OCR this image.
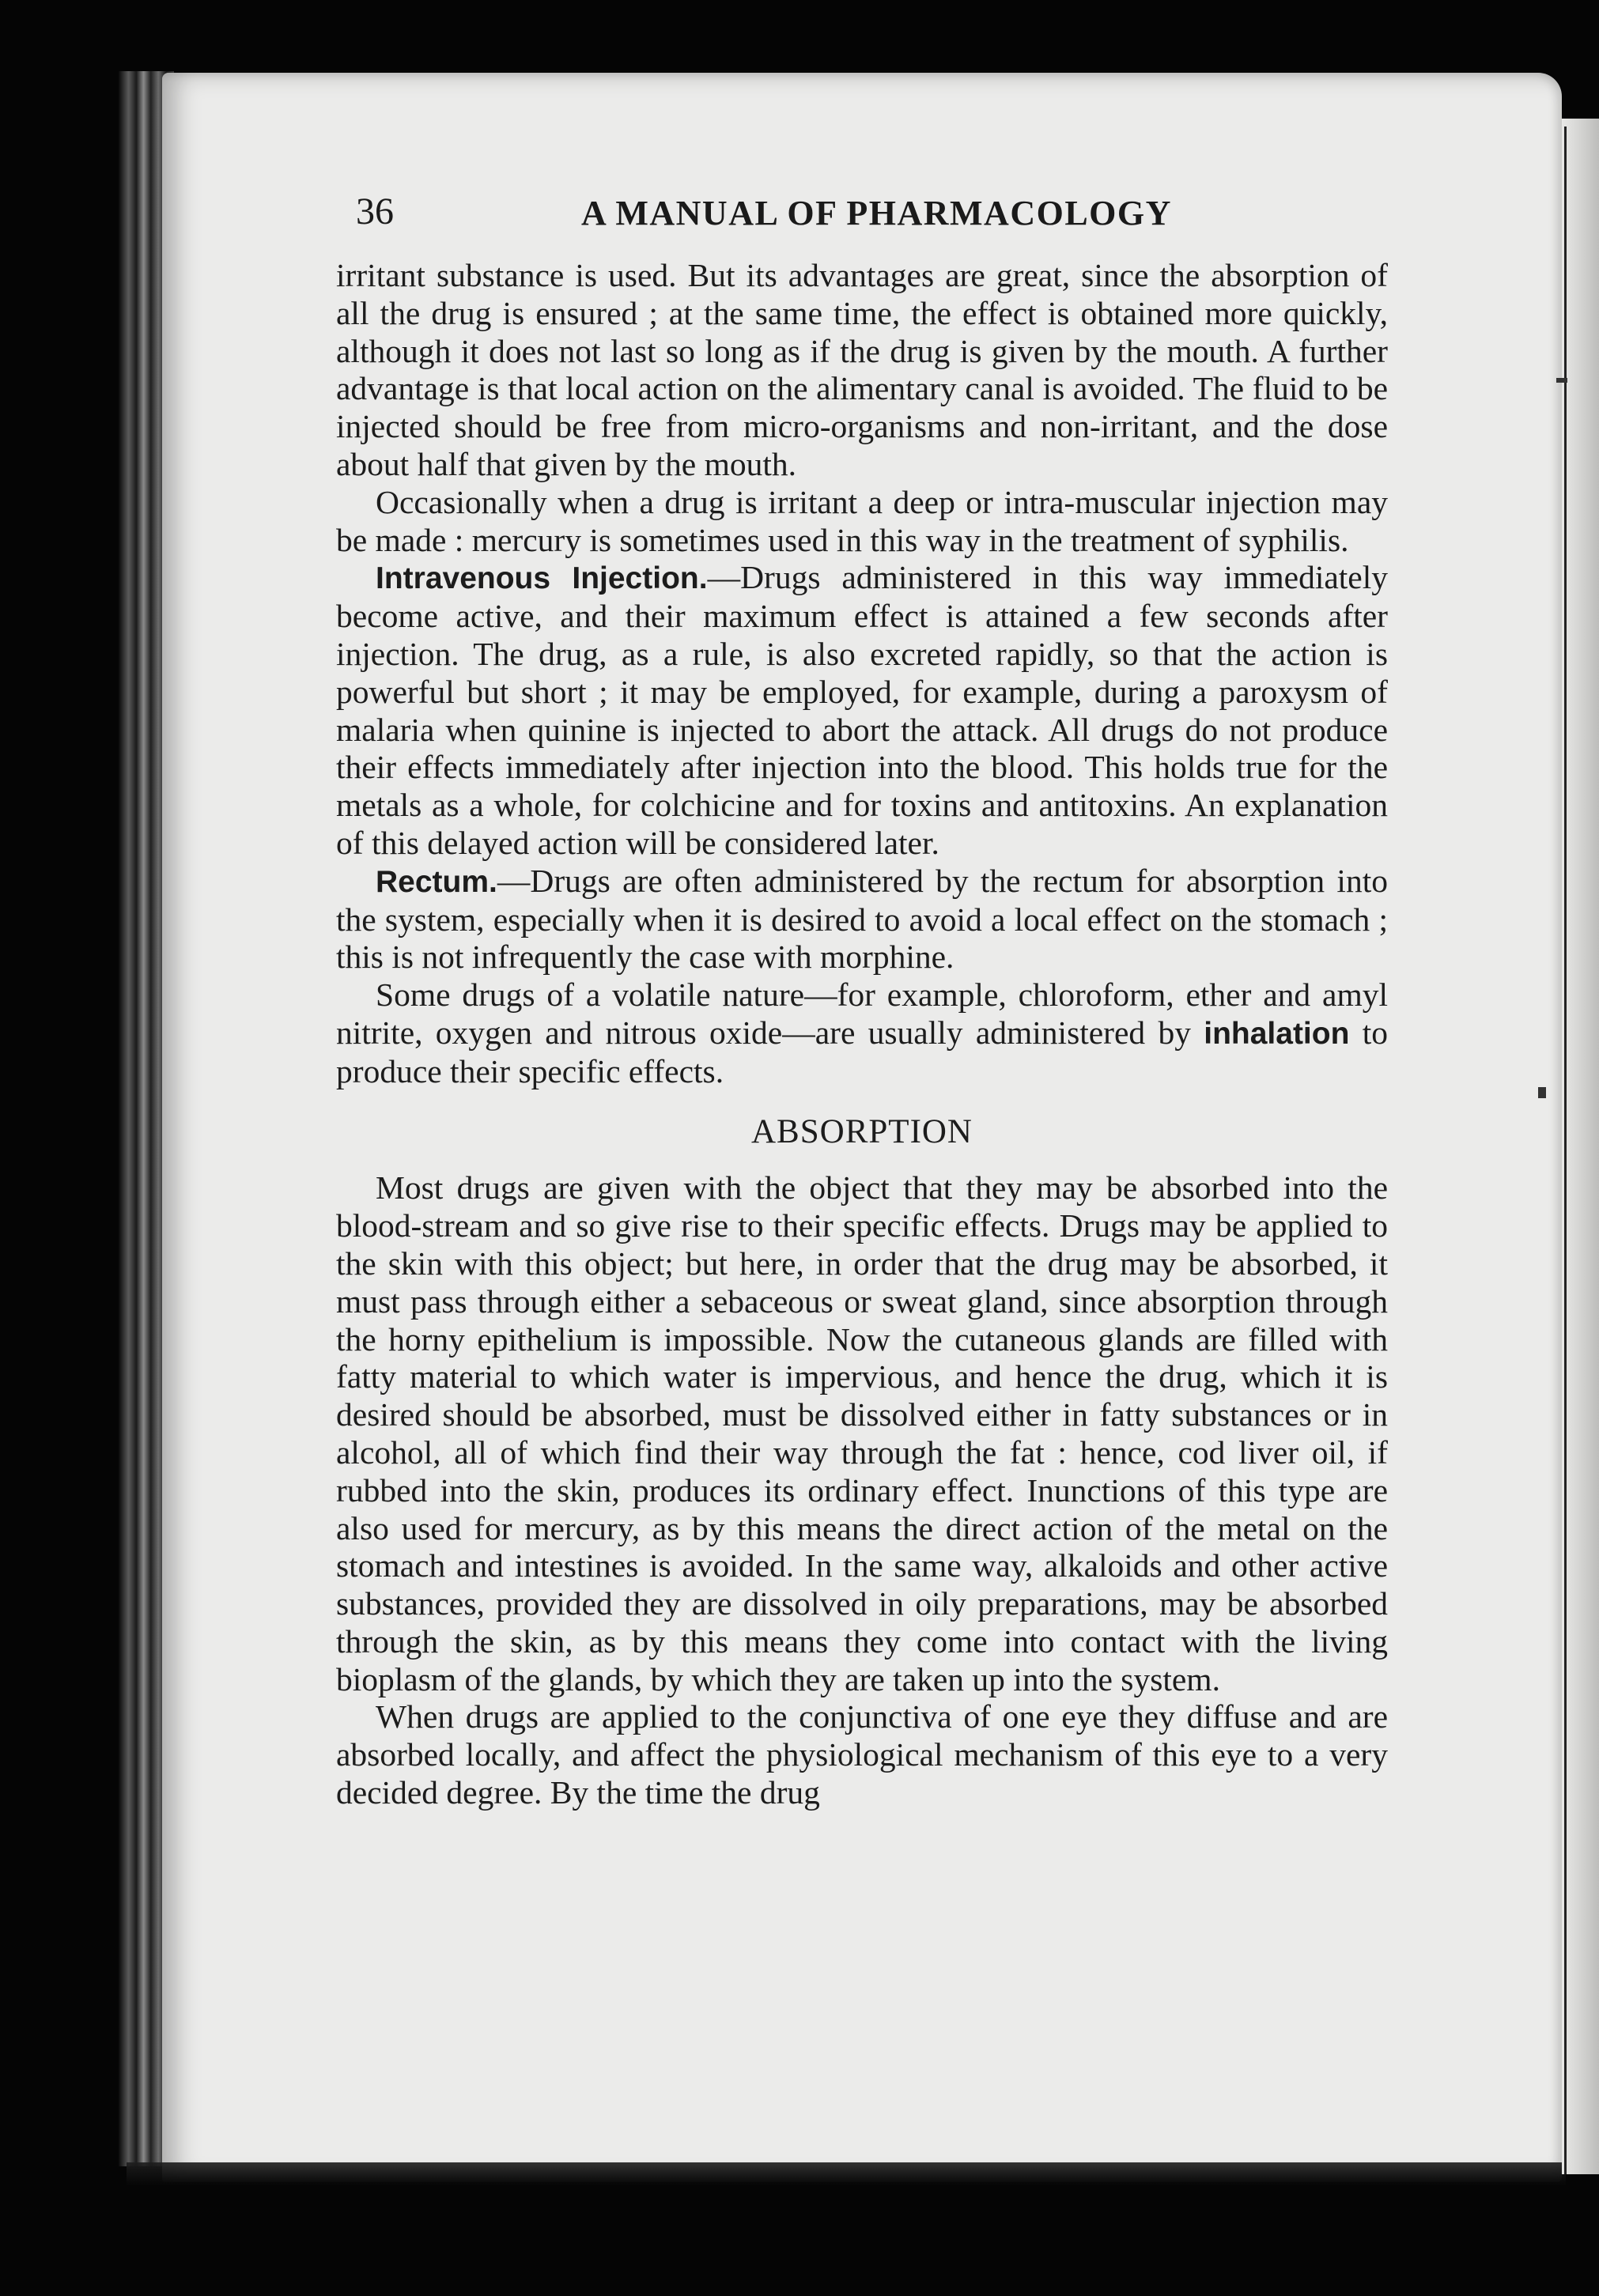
36	A MANUAL OF PHARMACOLOGY

irritant substance is used. But its advantages are great, since the absorption of all the drug is ensured ; at the same time, the effect is obtained more quickly, although it does not last so long as if the drug is given by the mouth. A further advantage is that local action on the alimentary canal is avoided. The fluid to be injected should be free from micro-organisms and non-irritant, and the dose about half that given by the mouth.

Occasionally when a drug is irritant a deep or intra-muscular injection may be made : mercury is sometimes used in this way in the treatment of syphilis.

Intravenous Injection.—Drugs administered in this way immediately become active, and their maximum effect is attained a few seconds after injection. The drug, as a rule, is also excreted rapidly, so that the action is powerful but short ; it may be employed, for example, during a paroxysm of malaria when quinine is injected to abort the attack. All drugs do not produce their effects immediately after injection into the blood. This holds true for the metals as a whole, for colchicine and for toxins and antitoxins. An explanation of this delayed action will be considered later.

Rectum.—Drugs are often administered by the rectum for absorption into the system, especially when it is desired to avoid a local effect on the stomach ; this is not infrequently the case with morphine.

Some drugs of a volatile nature—for example, chloroform, ether and amyl nitrite, oxygen and nitrous oxide—are usually administered by inhalation to produce their specific effects.

ABSORPTION

Most drugs are given with the object that they may be absorbed into the blood-stream and so give rise to their specific effects. Drugs may be applied to the skin with this object; but here, in order that the drug may be absorbed, it must pass through either a sebaceous or sweat gland, since absorption through the horny epithelium is impossible. Now the cutaneous glands are filled with fatty material to which water is impervious, and hence the drug, which it is desired should be absorbed, must be dissolved either in fatty substances or in alcohol, all of which find their way through the fat : hence, cod liver oil, if rubbed into the skin, produces its ordinary effect. Inunctions of this type are also used for mercury, as by this means the direct action of the metal on the stomach and intestines is avoided. In the same way, alkaloids and other active substances, provided they are dissolved in oily preparations, may be absorbed through the skin, as by this means they come into contact with the living bioplasm of the glands, by which they are taken up into the system.

When drugs are applied to the conjunctiva of one eye they diffuse and are absorbed locally, and affect the physiological mechanism of this eye to a very decided degree. By the time the drug
